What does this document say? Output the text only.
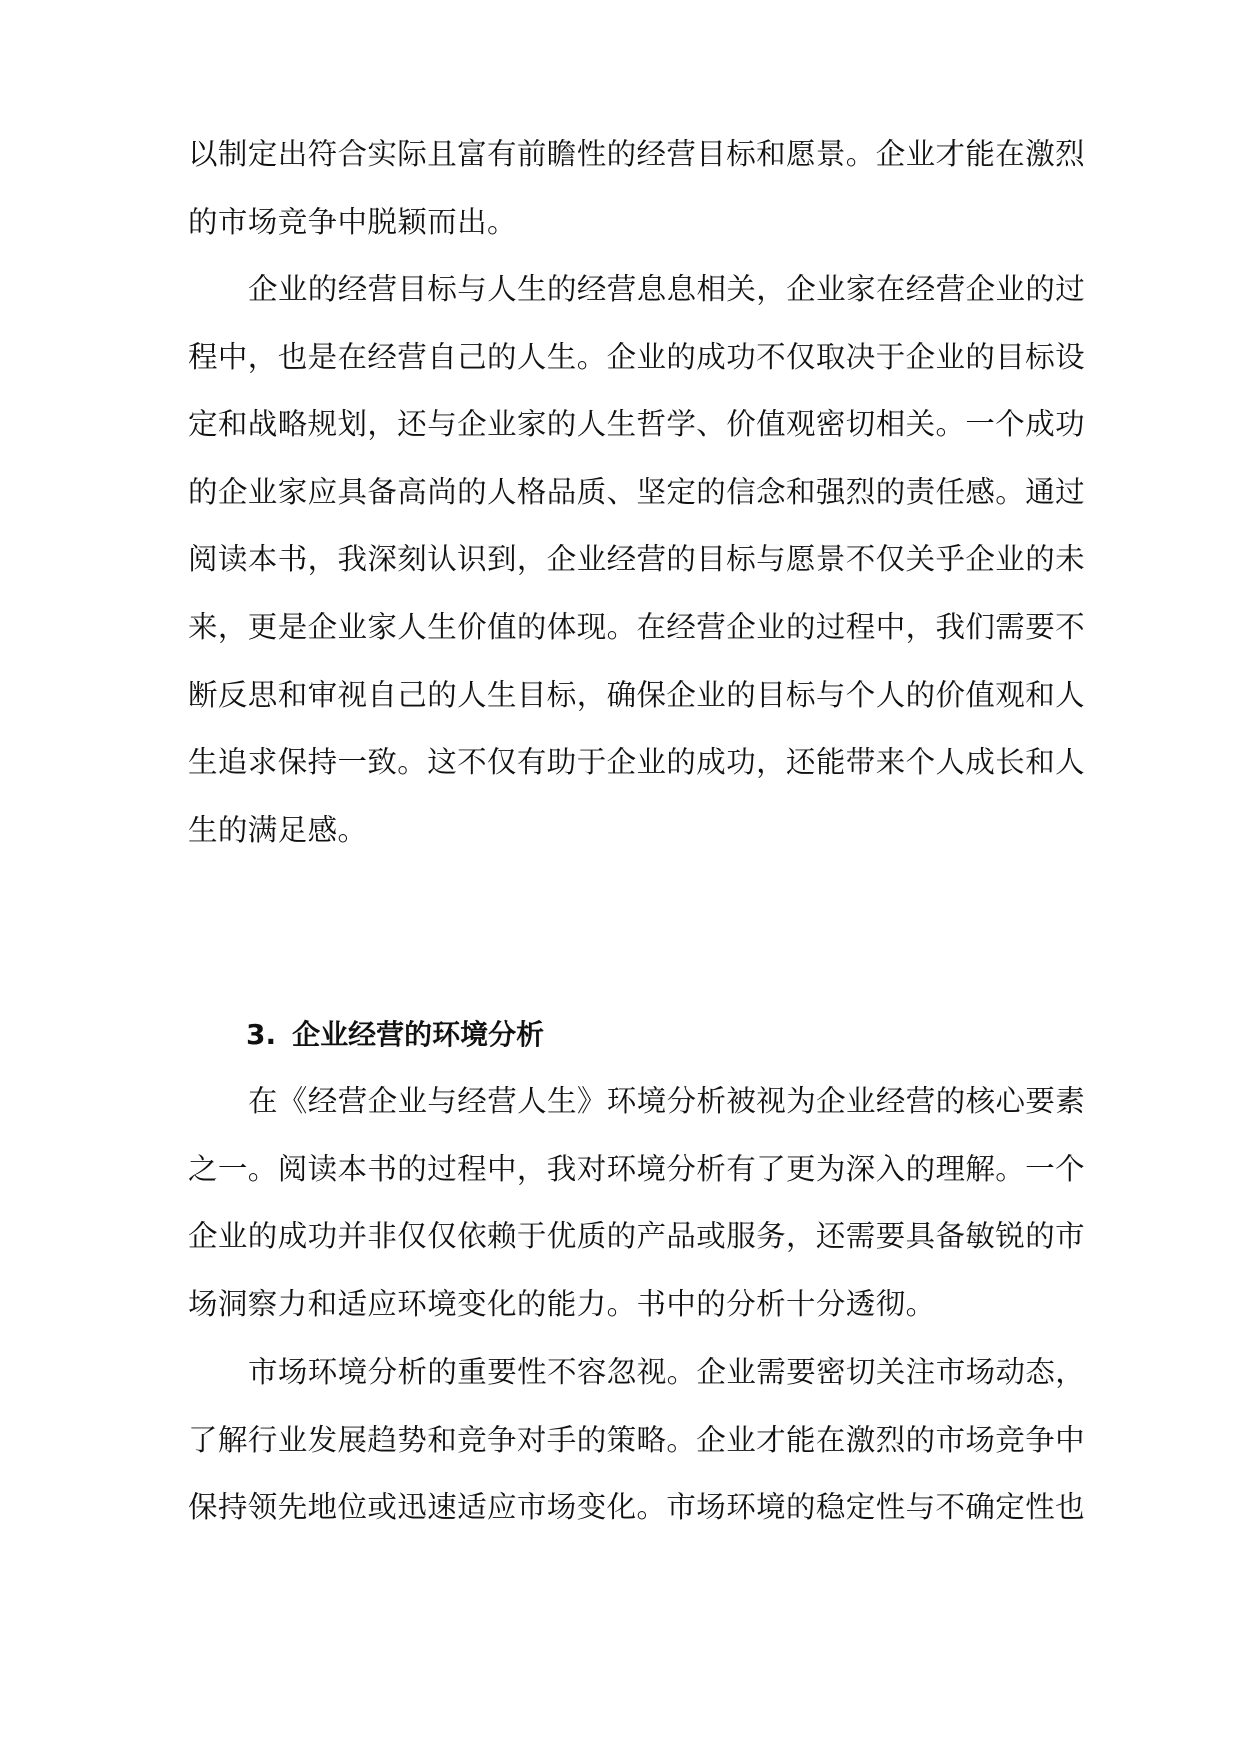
以制定出符合实际且富有前瞻性的经营目标和愿景。企业才能在激烈
的市场竞争中脱颖而出。
企业的经营目标与人生的经营息息相关，企业家在经营企业的过
程中，也是在经营自己的人生。企业的成功不仅取决于企业的目标设
定和战略规划，还与企业家的人生哲学、价值观密切相关。一个成功
的企业家应具备高尚的人格品质、坚定的信念和强烈的责任感。通过
阅读本书，我深刻认识到，企业经营的目标与愿景不仅关乎企业的未
来，更是企业家人生价值的体现。在经营企业的过程中，我们需要不
断反思和审视自己的人生目标，确保企业的目标与个人的价值观和人
生追求保持一致。这不仅有助于企业的成功，还能带来个人成长和人
生的满足感。
3. 企业经营的环境分析
在《经营企业与经营人生》环境分析被视为企业经营的核心要素
之一。阅读本书的过程中，我对环境分析有了更为深入的理解。一个
企业的成功并非仅仅依赖于优质的产品或服务，还需要具备敏锐的市
场洞察力和适应环境变化的能力。书中的分析十分透彻。
市场环境分析的重要性不容忽视。企业需要密切关注市场动态，
了解行业发展趋势和竞争对手的策略。企业才能在激烈的市场竞争中
保持领先地位或迅速适应市场变化。市场环境的稳定性与不确定性也
